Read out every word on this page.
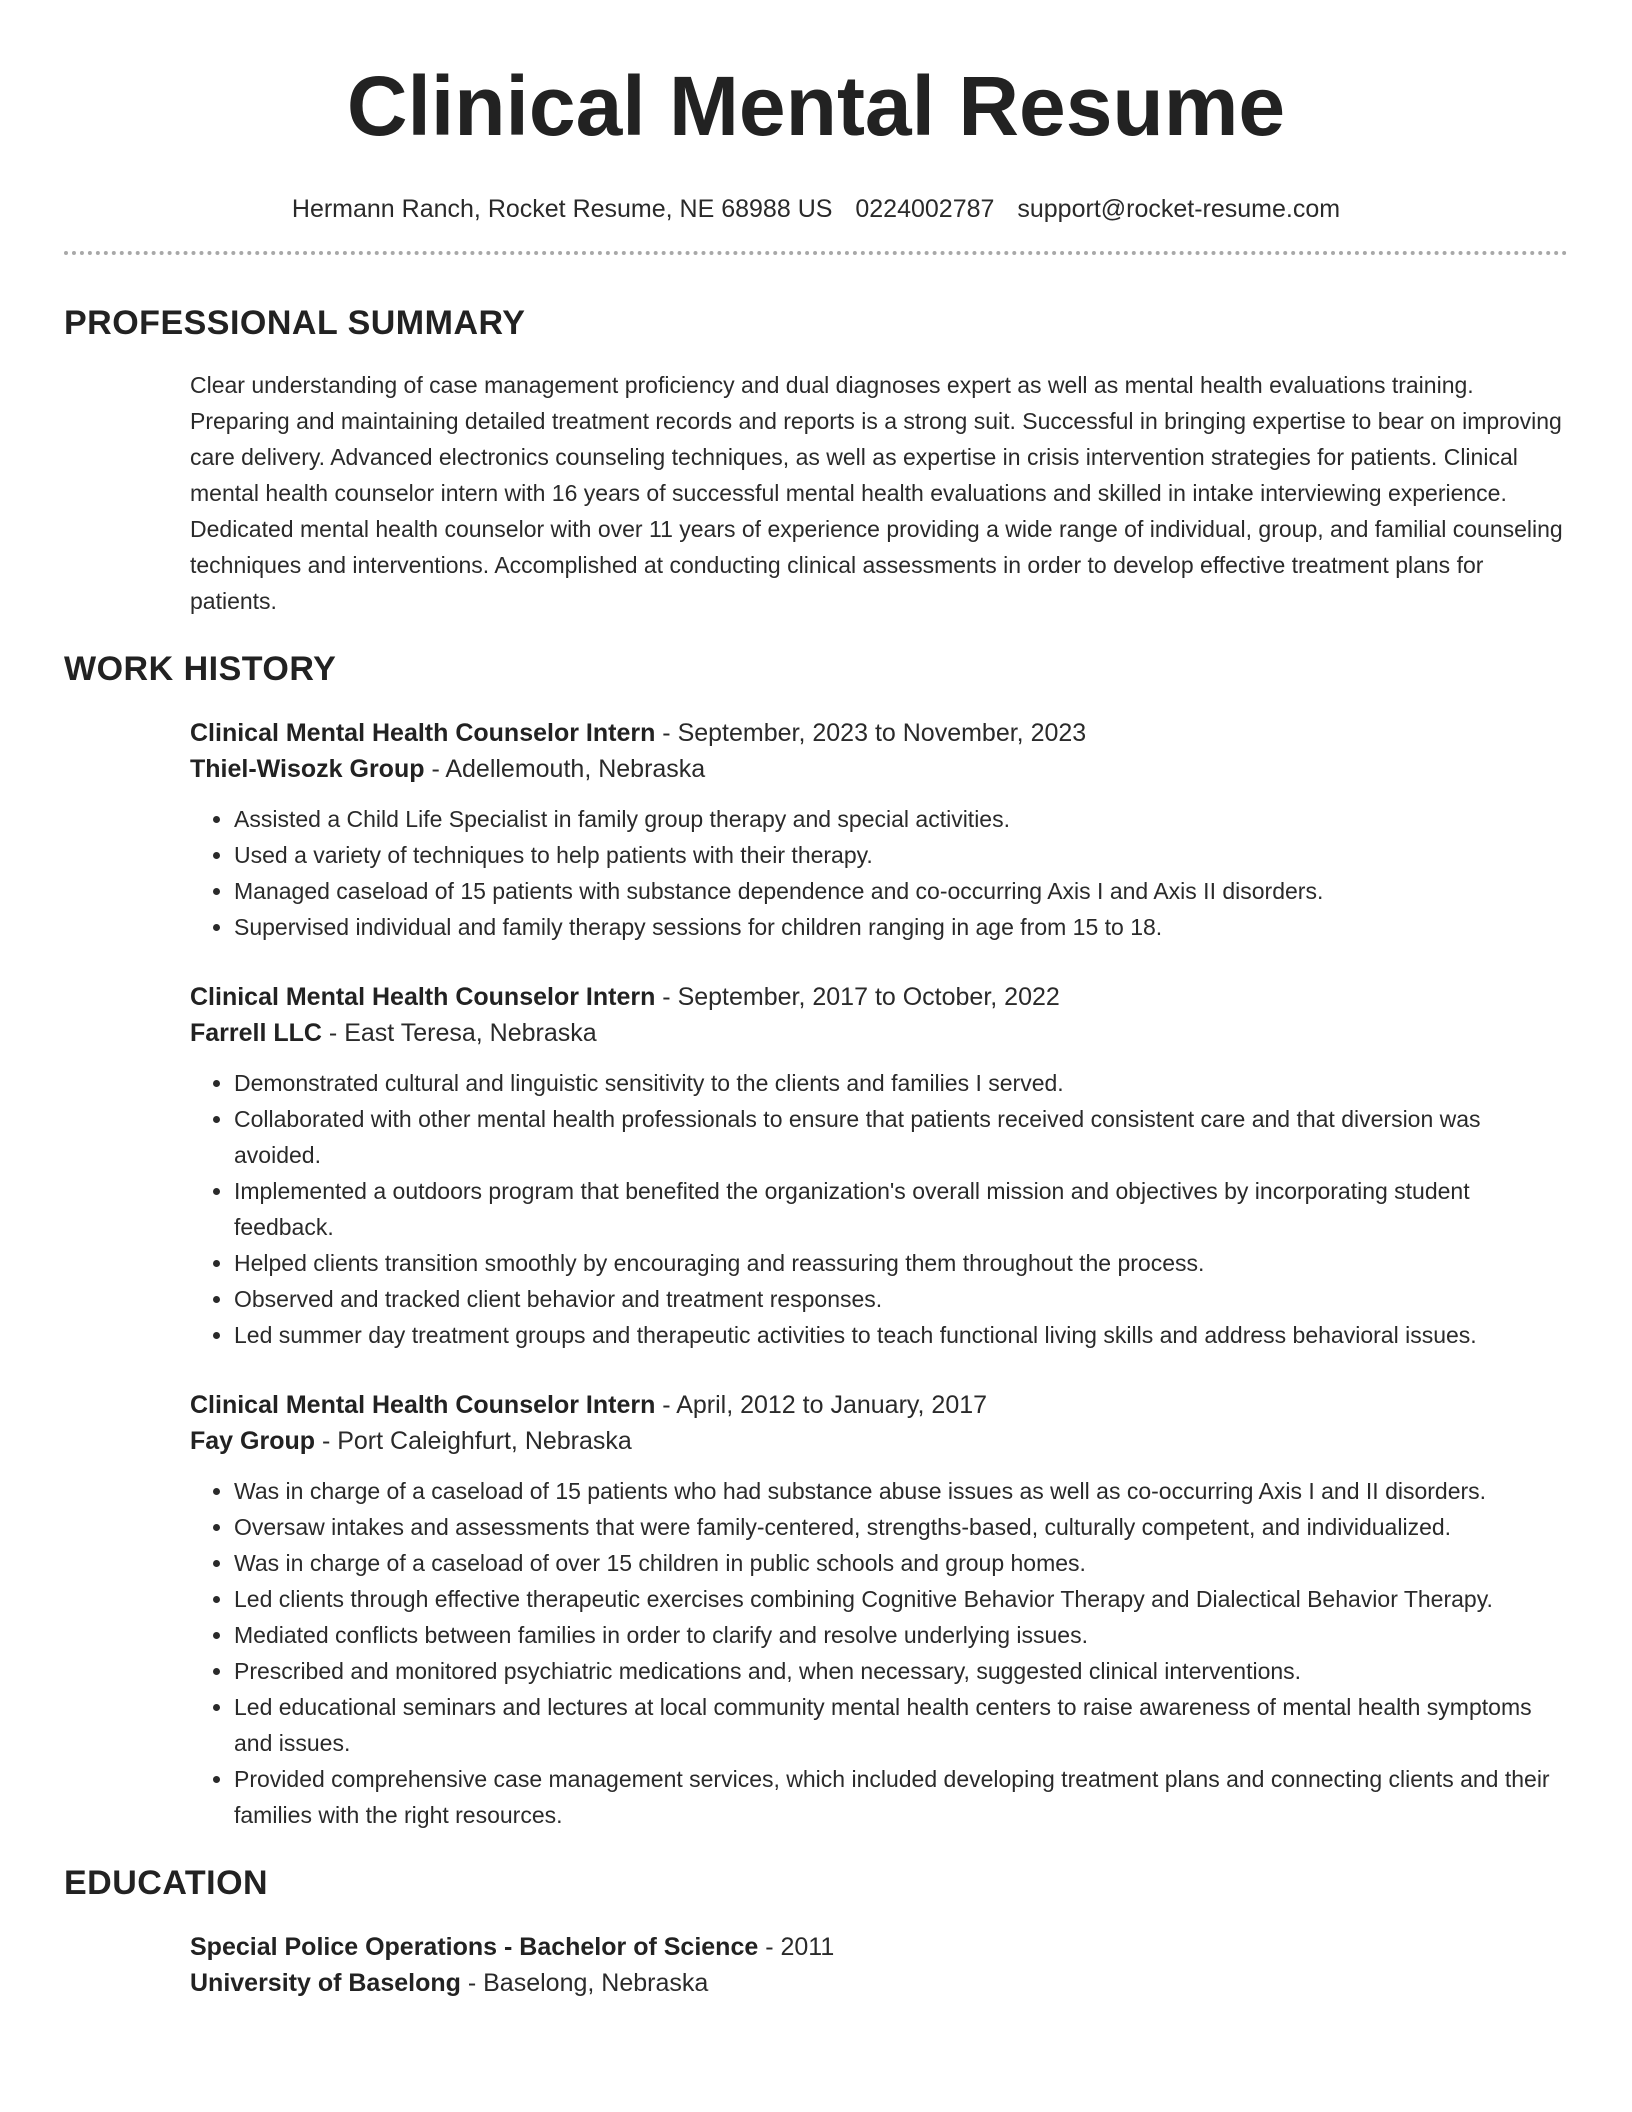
Clinical Mental Resume
Hermann Ranch, Rocket Resume, NE 68988 US 0224002787 support@rocket-resume.com
PROFESSIONAL SUMMARY

Clear understanding of case management proficiency and dual diagnoses expert as well as mental health evaluations training. Preparing and maintaining detailed treatment records and reports is a strong suit. Successful in bringing expertise to bear on improving care delivery. Advanced electronics counseling techniques, as well as expertise in crisis intervention strategies for patients. Clinical mental health counselor intern with 16 years of successful mental health evaluations and skilled in intake interviewing experience. Dedicated mental health counselor with over 11 years of experience providing a wide range of individual, group, and familial counseling techniques and interventions. Accomplished at conducting clinical assessments in order to develop effective treatment plans for patients.

WORK HISTORY
Clinical Mental Health Counselor Intern - September, 2023 to November, 2023
Thiel-Wisozk Group - Adellemouth, Nebraska
• Assisted a Child Life Specialist in family group therapy and special activities.
• Used a variety of techniques to help patients with their therapy.
• Managed caseload of 15 patients with substance dependence and co-occurring Axis I and Axis II disorders.
• Supervised individual and family therapy sessions for children ranging in age from 15 to 18.
Clinical Mental Health Counselor Intern - September, 2017 to October, 2022
Farrell LLC - East Teresa, Nebraska
• Demonstrated cultural and linguistic sensitivity to the clients and families I served.
• Collaborated with other mental health professionals to ensure that patients received consistent care and that diversion was avoided.
• Implemented a outdoors program that benefited the organization's overall mission and objectives by incorporating student feedback.
• Helped clients transition smoothly by encouraging and reassuring them throughout the process.
• Observed and tracked client behavior and treatment responses.
• Led summer day treatment groups and therapeutic activities to teach functional living skills and address behavioral issues.
Clinical Mental Health Counselor Intern - April, 2012 to January, 2017
Fay Group - Port Caleighfurt, Nebraska
• Was in charge of a caseload of 15 patients who had substance abuse issues as well as co-occurring Axis I and II disorders.
• Oversaw intakes and assessments that were family-centered, strengths-based, culturally competent, and individualized.
• Was in charge of a caseload of over 15 children in public schools and group homes.
• Led clients through effective therapeutic exercises combining Cognitive Behavior Therapy and Dialectical Behavior Therapy.
• Mediated conflicts between families in order to clarify and resolve underlying issues.
• Prescribed and monitored psychiatric medications and, when necessary, suggested clinical interventions.
• Led educational seminars and lectures at local community mental health centers to raise awareness of mental health symptoms and issues.
• Provided comprehensive case management services, which included developing treatment plans and connecting clients and their families with the right resources.
EDUCATION
Special Police Operations - Bachelor of Science - 2011
University of Baselong - Baselong, Nebraska
